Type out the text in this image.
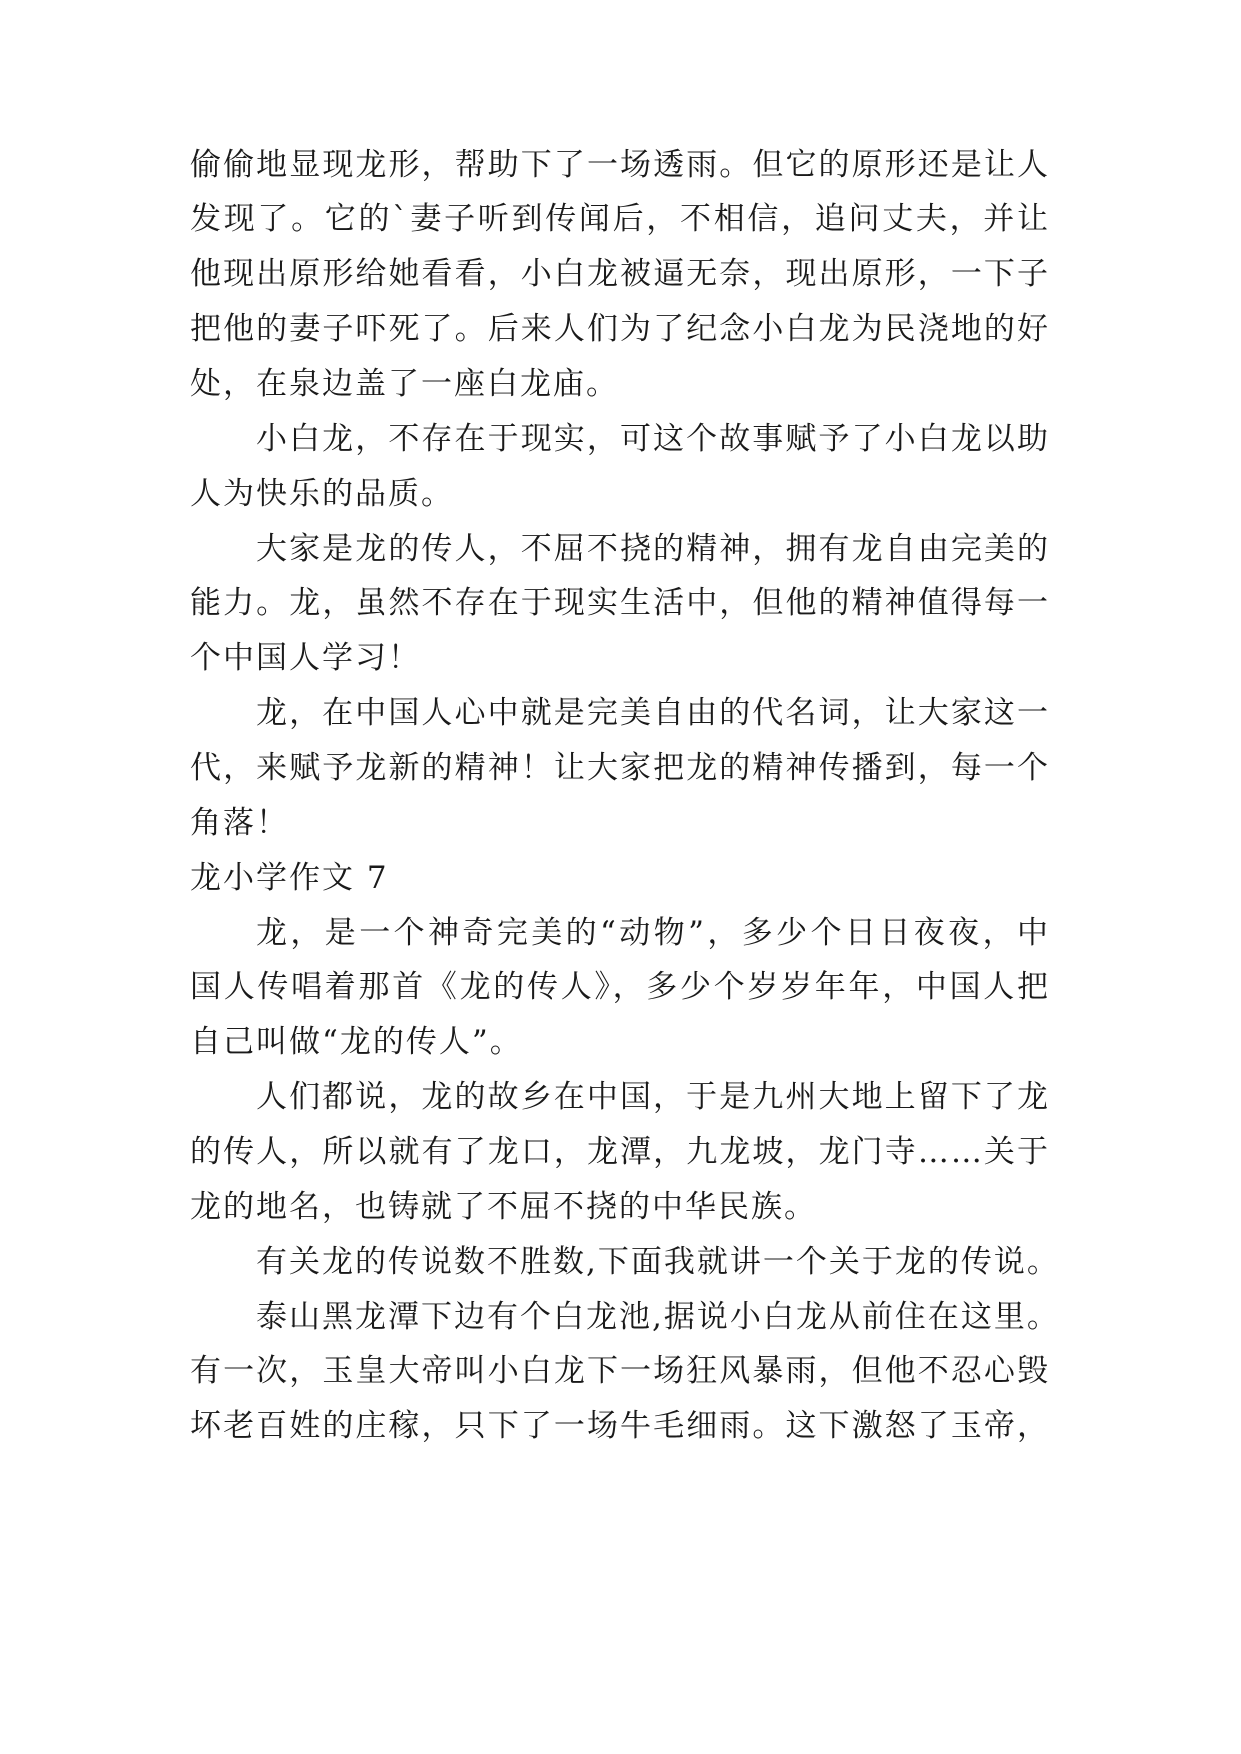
偷偷地显现龙形，帮助下了一场透雨。但它的原形还是让人
发现了。它的`妻子听到传闻后，不相信，追问丈夫，并让
他现出原形给她看看，小白龙被逼无奈，现出原形，一下子
把他的妻子吓死了。后来人们为了纪念小白龙为民浇地的好
处，在泉边盖了一座白龙庙。
小白龙，不存在于现实，可这个故事赋予了小白龙以助
人为快乐的品质。
大家是龙的传人，不屈不挠的精神，拥有龙自由完美的
能力。龙，虽然不存在于现实生活中，但他的精神值得每一
个中国人学习！
龙，在中国人心中就是完美自由的代名词，让大家这一
代，来赋予龙新的精神！让大家把龙的精神传播到，每一个
角落！
龙小学作文 7
龙，是一个神奇完美的“动物”，多少个日日夜夜，中
国人传唱着那首《龙的传人》，多少个岁岁年年，中国人把
自己叫做“龙的传人”。
人们都说，龙的故乡在中国，于是九州大地上留下了龙
的传人，所以就有了龙口，龙潭，九龙坡，龙门寺……关于
龙的地名，也铸就了不屈不挠的中华民族。
有关龙的传说数不胜数,下面我就讲一个关于龙的传说。
泰山黑龙潭下边有个白龙池,据说小白龙从前住在这里。
有一次，玉皇大帝叫小白龙下一场狂风暴雨，但他不忍心毁
坏老百姓的庄稼，只下了一场牛毛细雨。这下激怒了玉帝，
